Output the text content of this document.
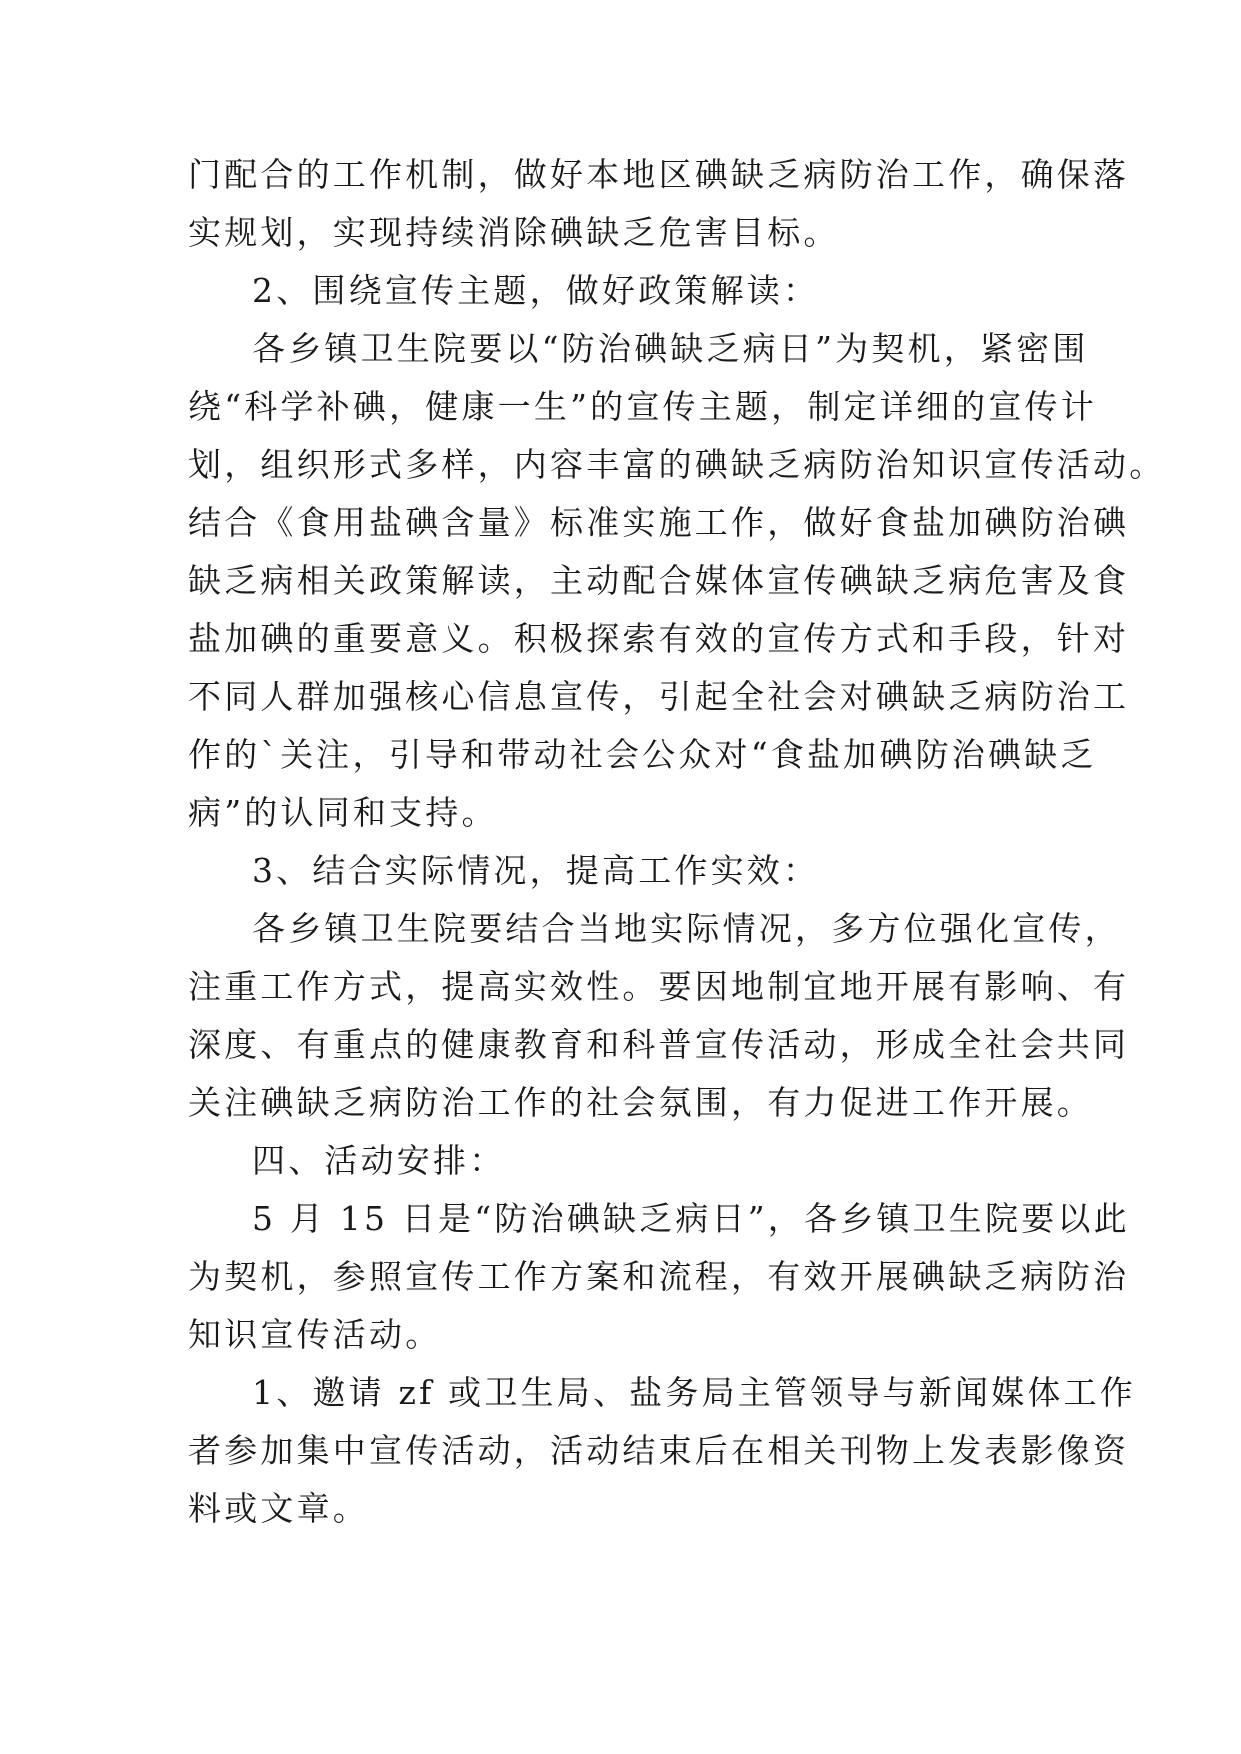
门配合的工作机制，做好本地区碘缺乏病防治工作，确保落
实规划，实现持续消除碘缺乏危害目标。
2、围绕宣传主题，做好政策解读：
各乡镇卫生院要以“防治碘缺乏病日”为契机，紧密围
绕“科学补碘，健康一生”的宣传主题，制定详细的宣传计
划，组织形式多样，内容丰富的碘缺乏病防治知识宣传活动。
结合《食用盐碘含量》标准实施工作，做好食盐加碘防治碘
缺乏病相关政策解读，主动配合媒体宣传碘缺乏病危害及食
盐加碘的重要意义。积极探索有效的宣传方式和手段，针对
不同人群加强核心信息宣传，引起全社会对碘缺乏病防治工
作的`关注，引导和带动社会公众对“食盐加碘防治碘缺乏
病”的认同和支持。
3、结合实际情况，提高工作实效：
各乡镇卫生院要结合当地实际情况，多方位强化宣传，
注重工作方式，提高实效性。要因地制宜地开展有影响、有
深度、有重点的健康教育和科普宣传活动，形成全社会共同
关注碘缺乏病防治工作的社会氛围，有力促进工作开展。
四、活动安排：
5 月 15 日是“防治碘缺乏病日”，各乡镇卫生院要以此
为契机，参照宣传工作方案和流程，有效开展碘缺乏病防治
知识宣传活动。
1、邀请 zf 或卫生局、盐务局主管领导与新闻媒体工作
者参加集中宣传活动，活动结束后在相关刊物上发表影像资
料或文章。
